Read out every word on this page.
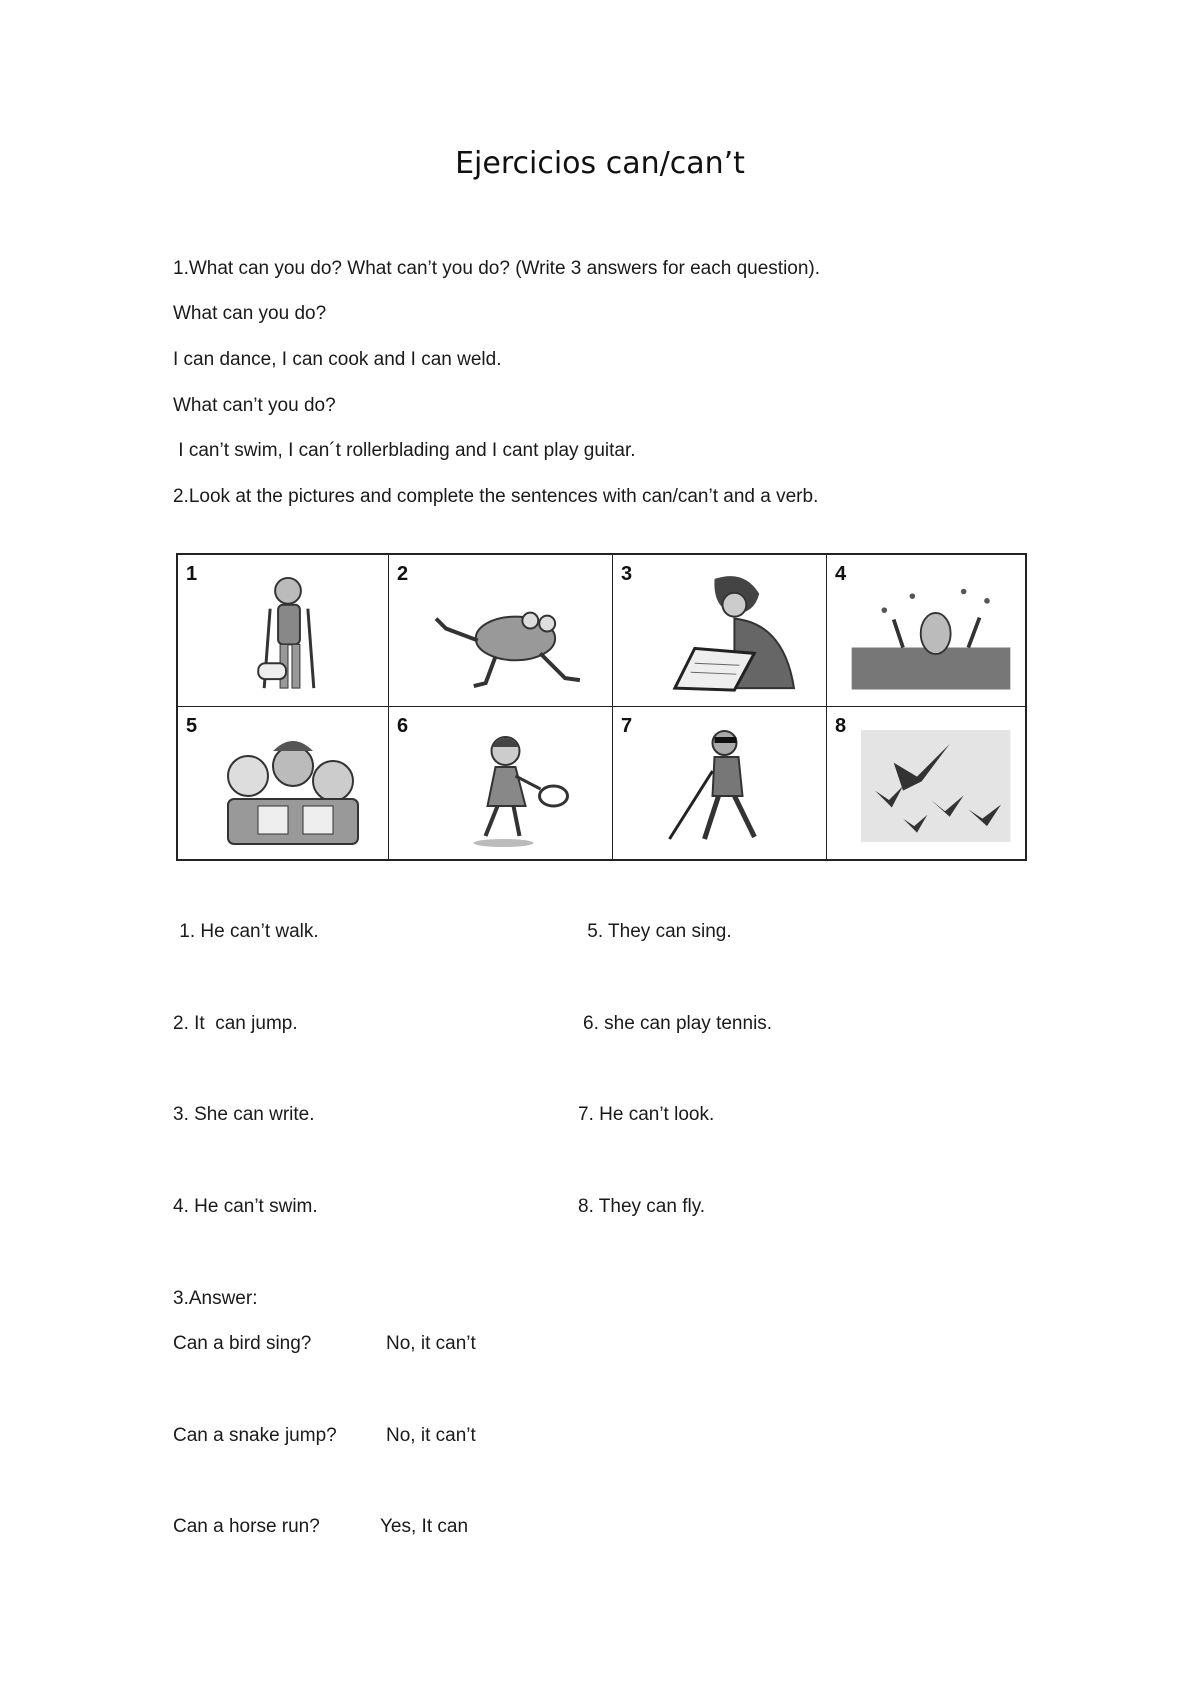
Ejercicios can/can’t
1.What can you do? What can’t you do? (Write 3 answers for each question).
What can you do?
I can dance, I can cook and I can weld.
What can’t you do?
I can’t swim, I can´t rollerblading and I cant play guitar.
2.Look at the pictures and complete the sentences with can/can’t and a verb.
1	2	3	4
5	6	7	8
1. He can’t walk.
2. It  can jump.
3. She can write.
4. He can’t swim.
5. They can sing.
6. she can play tennis.
7. He can’t look.
8. They can fly.
3.Answer:
Can a bird sing?	No, it can’t
Can a snake jump?	No, it can’t
Can a horse run?	Yes, It can
